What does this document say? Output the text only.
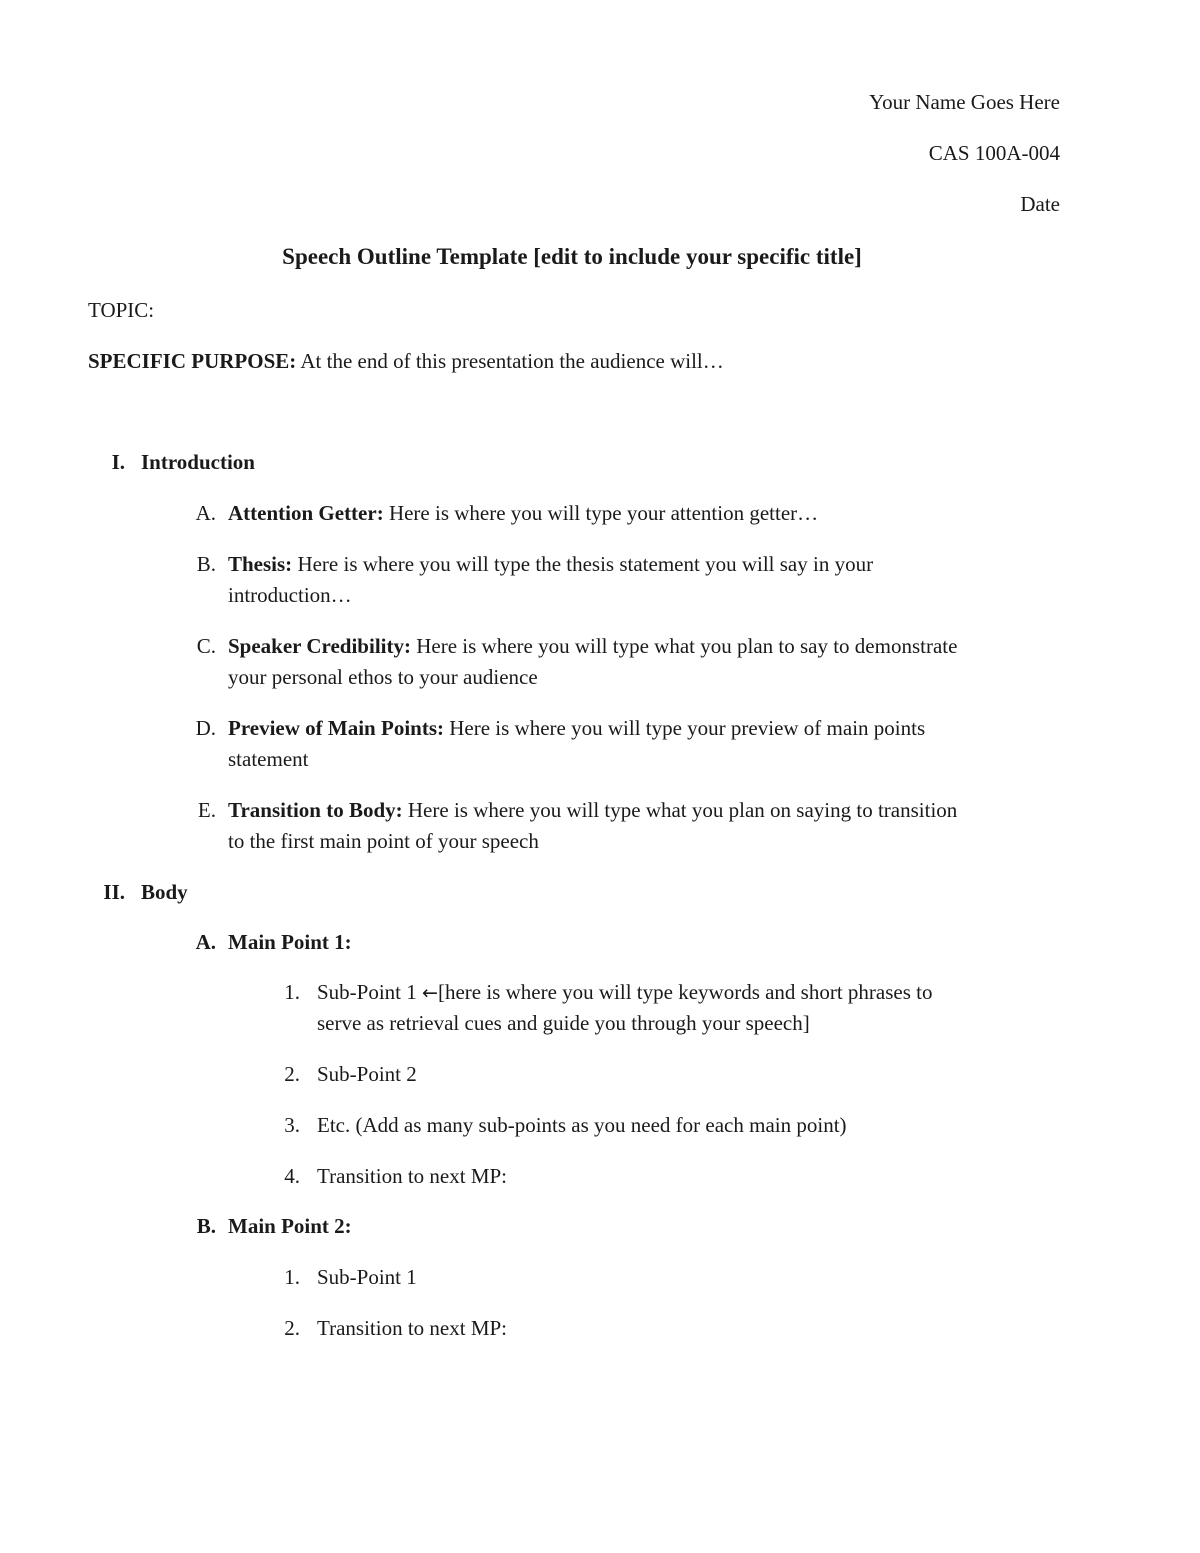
Your Name Goes Here
CAS 100A-004
Date
Speech Outline Template [edit to include your specific title]
TOPIC:
SPECIFIC PURPOSE: At the end of this presentation the audience will…
I. Introduction
A. Attention Getter: Here is where you will type your attention getter…
B. Thesis: Here is where you will type the thesis statement you will say in your
introduction…
C. Speaker Credibility: Here is where you will type what you plan to say to demonstrate
your personal ethos to your audience
D. Preview of Main Points: Here is where you will type your preview of main points
statement
E. Transition to Body: Here is where you will type what you plan on saying to transition
to the first main point of your speech
II. Body
A. Main Point 1:
1. Sub-Point 1 ←[here is where you will type keywords and short phrases to
serve as retrieval cues and guide you through your speech]
2. Sub-Point 2
3. Etc. (Add as many sub-points as you need for each main point)
4. Transition to next MP:
B. Main Point 2:
1. Sub-Point 1
2. Transition to next MP:
